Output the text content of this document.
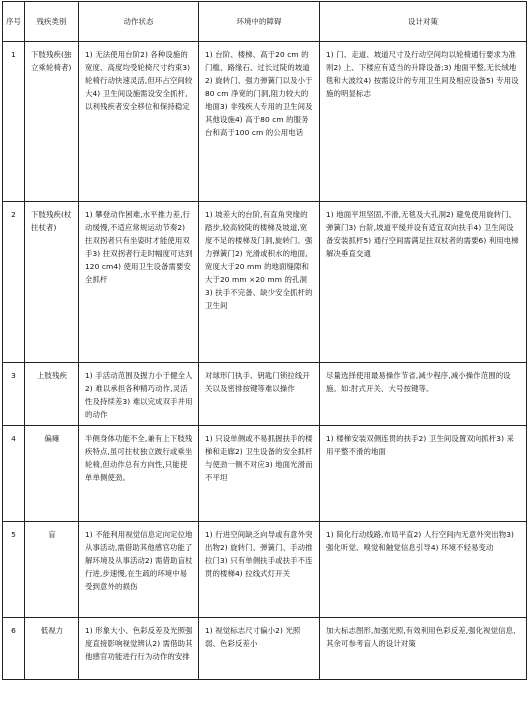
序号	残疾类别	动作状态	环境中的障碍	设计对策
1	下肢残疾(独立乘轮椅者)	1) 无法使用台阶2) 各种设施的宽度、高度均受轮椅尺寸约束3) 轮椅行动快速灵活,但环占空间较大4) 卫生间设施需设安全抓杆,以利残疾者安全移位和保持稳定	1) 台阶、楼梯、高于20 cm 的门槛、路缘石、过长过陡的坡道2) 旋转门、强力弹簧门以及小于80 cm 净宽的门洞,阻力较大的地面3) 非残疾人专用的卫生间及其他设施4) 高于80 cm 的服务台和高于100 cm 的公用电话	1) 门、走道、坡道尺寸及行动空间均以轮椅通行要求为准则2) 上、下楼应有适当的升降设备;3) 地面平整,无长绒地毯和大波纹4) 按需设计的专用卫生间及相应设备5) 专用设施的明显标志
2	下肢残疾(杖拄杖者)	1) 攀登动作困难,水平推力差,行动缓慢,不适应常规运动节奏2) 拄双拐者只有坐姿时才能使用双手3) 拄双拐者行走时幅度可达到120 cm4) 使用卫生设备需要安全抓杆	1) 坡差大的台阶,有直角突缘的踏步,较高较陡的楼梯及坡道,宽度不足的楼梯及门洞,旋转门、强力弹簧门2) 光滑或积水的地面,宽度大于20 mm 的地面缝隙和大于20 mm ×20 mm 的孔洞3) 扶手不完备、缺少安全抓杆的卫生间	1) 地面平坦坚固,不滑,无毯及大孔洞2) 避免使用旋转门、弹簧门3) 台阶,坡道平缓并设有适宜双向扶手4) 卫生间设备安装抓杆5) 通行空间需满足拄双杖者的需要6) 利用电梯解决垂直交通
3	上肢残疾	1) 手活动范围及握力小于健全人2) 难以承担各种精巧动作,灵活性及持续差3) 难以完成双手并用的动作	对球形门执手、钥匙门锁拉线开关以及密排按键等难以操作	尽量选择使用最易操作节省,减少程序,减小操作范围的设施。如:肘式开关、大号按键等。
4	偏瘫	半侧身体功能不全,兼有上下肢残疾特点,虽可拄杖独立跛行或乘坐轮椅,但动作总有方向性,只能使单单侧使劲。	1) 只设单侧或不易抓握扶手的楼梯和走廊2) 卫生设备的安全抓杆与使劲一侧不对应3) 地面光滑而不平坦	1) 楼梯安装双侧连贯的扶手2) 卫生间设置双向抓杆3) 采用平整不滑的地面
5	盲	1) 不能利用视觉信息定向定位地从事活动,需借助其他感官功能了解环境及从事活动2) 需借助盲杖行进,步速慢,在生疏的环境中易受到意外的损伤	1) 行进空间缺乏向导或有意外突出物2) 旋转门、弹簧门、手动推拉门3) 只有单侧扶手或扶手不连贯的楼梯4) 拉线式灯开关	1) 简化行动线路,布局平直2) 人行空间内无意外突出物3) 强化听觉、嗅觉和触觉信息引导4) 环境不轻易变动
6	低视力	1) 形象大小、色彩反差及光照强度直接影响视觉辨认2) 需借助其他感官功能进行行为动作的安排	1) 视觉标志尺寸偏小2) 光照弱、色彩反差小	加大标志图形,加强光照,有效利用色彩反差,强化视觉信息,其余可参考盲人的设计对策
